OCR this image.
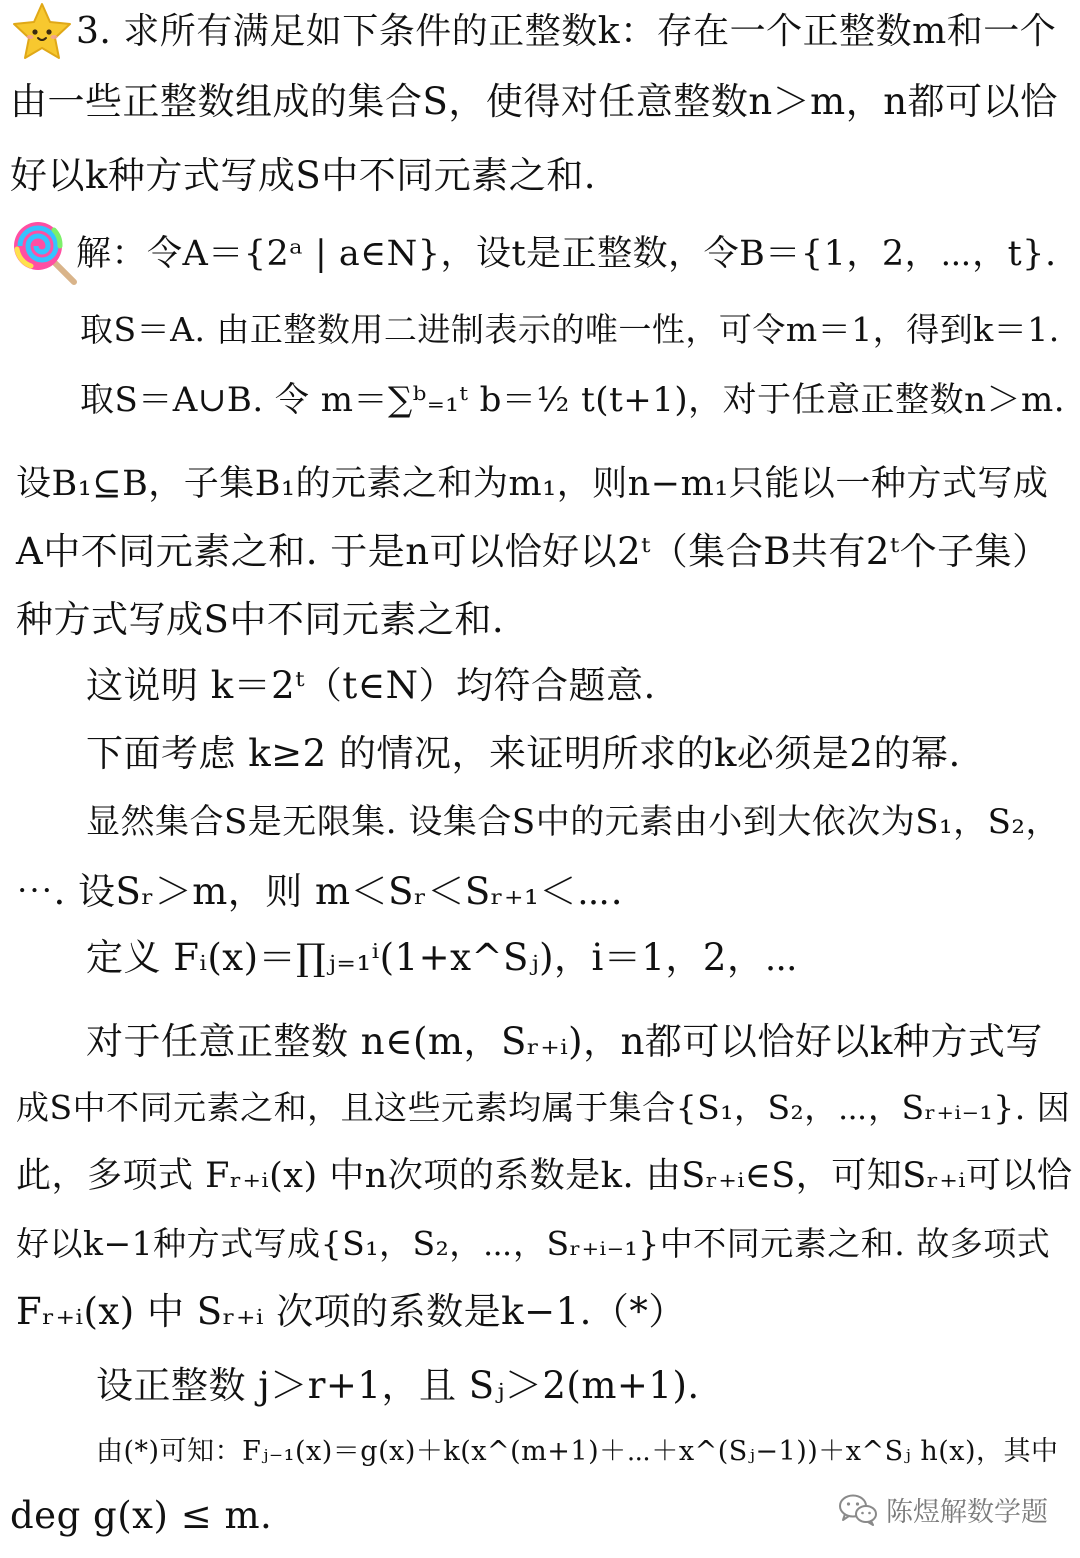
3. 求所有满足如下条件的正整数k：存在一个正整数m和一个
由一些正整数组成的集合S，使得对任意整数n＞m，n都可以恰
好以k种方式写成S中不同元素之和.
解：令A＝{2ᵃ | a∈N}，设t是正整数，令B＝{1，2，⋯，t}.
取S＝A. 由正整数用二进制表示的唯一性，可令m＝1，得到k＝1.
取S＝A∪B. 令 m＝∑ᵇ₌₁ᵗ b＝½ t(t+1)，对于任意正整数n＞m.
设B₁⊆B，子集B₁的元素之和为m₁，则n−m₁只能以一种方式写成
A中不同元素之和. 于是n可以恰好以2ᵗ（集合B共有2ᵗ个子集）
种方式写成S中不同元素之和.
这说明 k＝2ᵗ（t∈N）均符合题意.
下面考虑 k≥2 的情况，来证明所求的k必须是2的幂.
显然集合S是无限集. 设集合S中的元素由小到大依次为S₁，S₂，
⋯. 设Sᵣ＞m，则 m＜Sᵣ＜Sᵣ₊₁＜⋯.
定义 Fᵢ(x)＝∏ⱼ₌₁ⁱ(1+x^Sⱼ)，i＝1，2，⋯
对于任意正整数 n∈(m，Sᵣ₊ᵢ)，n都可以恰好以k种方式写
成S中不同元素之和，且这些元素均属于集合{S₁，S₂，⋯，Sᵣ₊ᵢ₋₁}. 因
此，多项式 Fᵣ₊ᵢ(x) 中n次项的系数是k. 由Sᵣ₊ᵢ∈S，可知Sᵣ₊ᵢ可以恰
好以k−1种方式写成{S₁，S₂，⋯，Sᵣ₊ᵢ₋₁}中不同元素之和. 故多项式
Fᵣ₊ᵢ(x) 中 Sᵣ₊ᵢ 次项的系数是k−1.（*）
设正整数 j＞r+1，且 Sⱼ＞2(m+1).
由(*)可知：Fⱼ₋₁(x)＝g(x)＋k(x^(m+1)＋⋯＋x^(Sⱼ−1))＋x^Sⱼ h(x)，其中
deg g(x) ≤ m.	陈煜解数学题
